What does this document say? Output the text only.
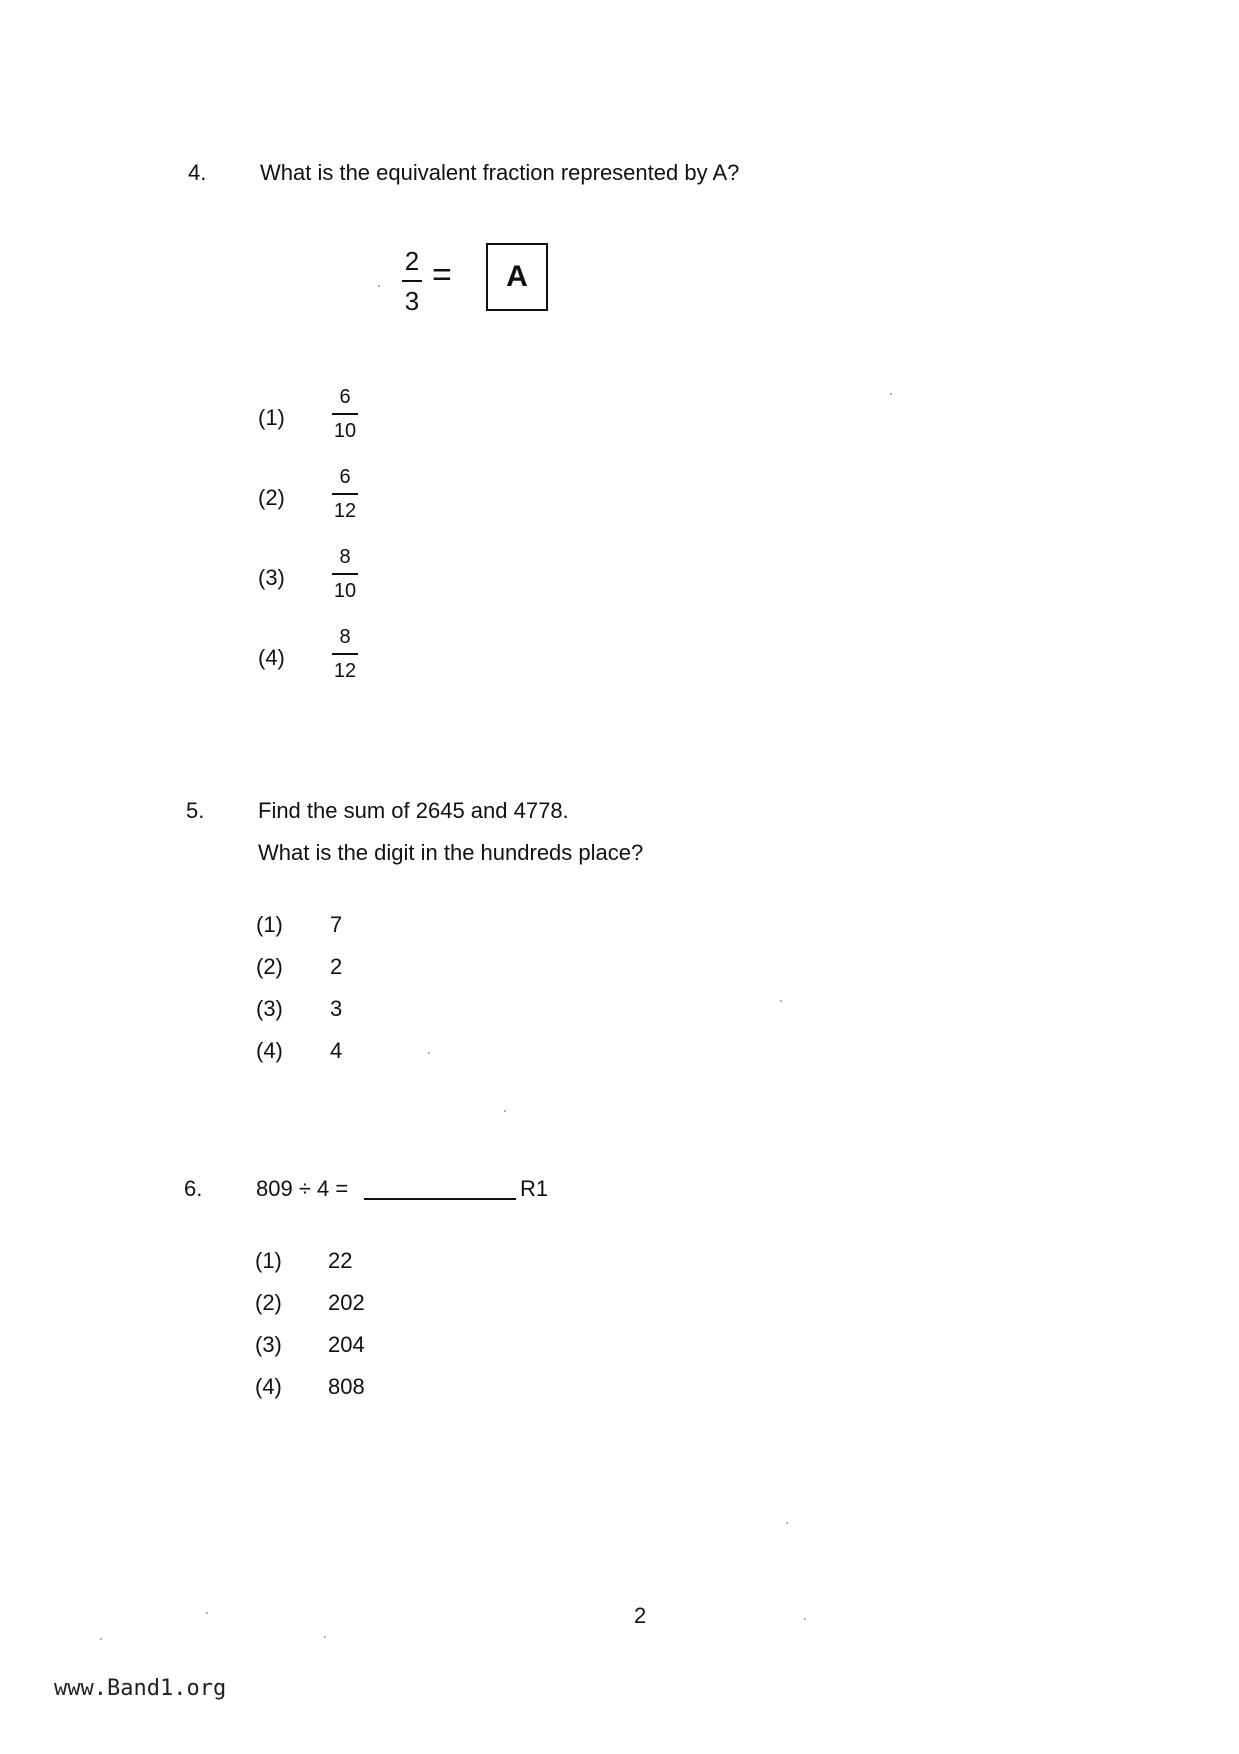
4. What is the equivalent fraction represented by A?
2
3
=	A
(1)
6
10
(2)
6
12
(3)
8
10
(4)
8
12
5. Find the sum of 2645 and 4778.
What is the digit in the hundreds place?
(1) 7
(2) 2
(3) 3
(4) 4
6. 809 ÷ 4 =	R1
(1) 22
(2) 202
(3) 204
(4) 808
2
www.Band1.org
